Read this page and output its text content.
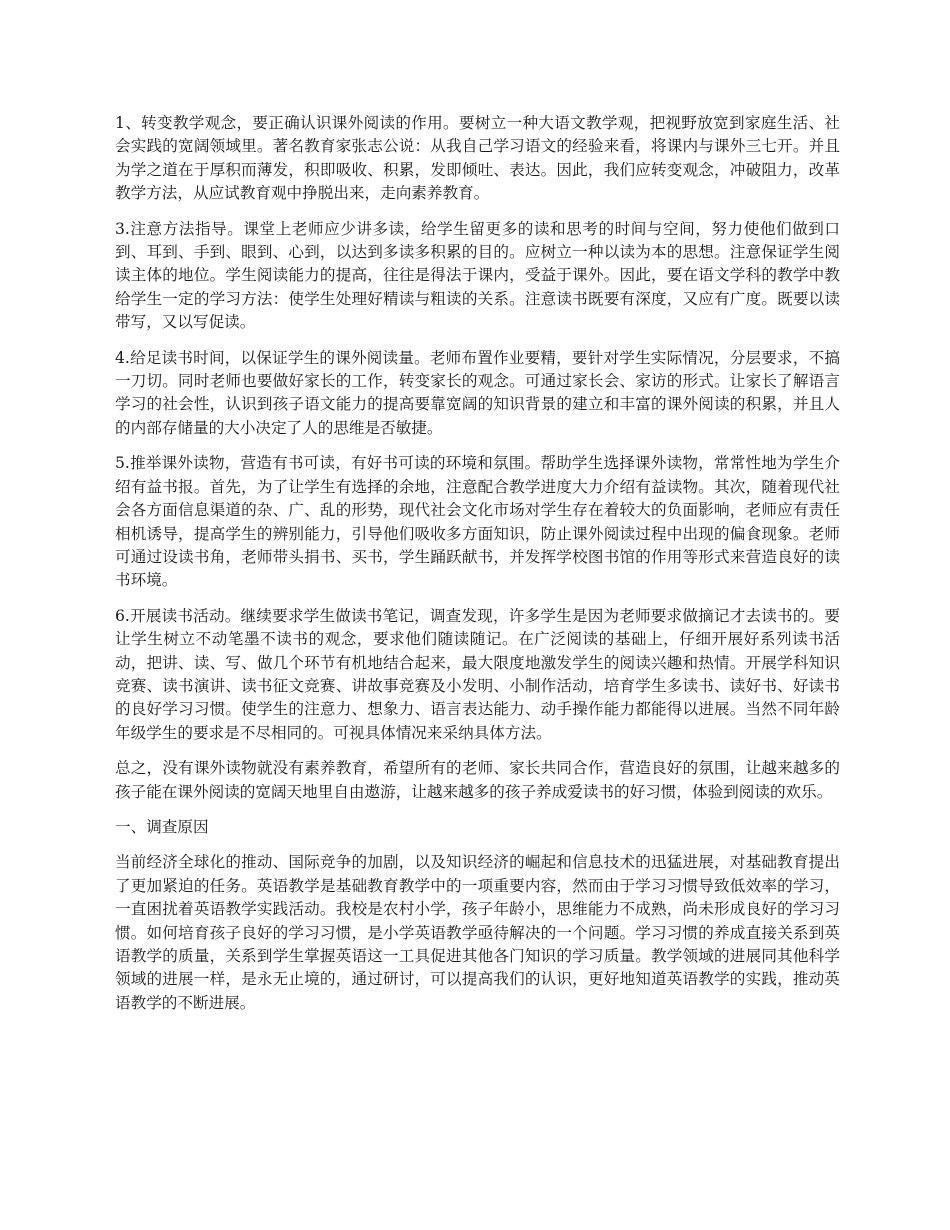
1、转变教学观念，要正确认识课外阅读的作用。要树立一种大语文教学观，把视野放宽到家庭生活、社会实践的宽阔领域里。著名教育家张志公说：从我自己学习语文的经验来看，将课内与课外三七开。并且为学之道在于厚积而薄发，积即吸收、积累，发即倾吐、表达。因此，我们应转变观念，冲破阻力，改革教学方法，从应试教育观中挣脱出来，走向素养教育。

3.注意方法指导。课堂上老师应少讲多读，给学生留更多的读和思考的时间与空间，努力使他们做到口到、耳到、手到、眼到、心到，以达到多读多积累的目的。应树立一种以读为本的思想。注意保证学生阅读主体的地位。学生阅读能力的提高，往往是得法于课内，受益于课外。因此，要在语文学科的教学中教给学生一定的学习方法：使学生处理好精读与粗读的关系。注意读书既要有深度，又应有广度。既要以读带写，又以写促读。

4.给足读书时间，以保证学生的课外阅读量。老师布置作业要精，要针对学生实际情况，分层要求，不搞一刀切。同时老师也要做好家长的工作，转变家长的观念。可通过家长会、家访的形式。让家长了解语言学习的社会性，认识到孩子语文能力的提高要靠宽阔的知识背景的建立和丰富的课外阅读的积累，并且人的内部存储量的大小决定了人的思维是否敏捷。

5.推举课外读物，营造有书可读，有好书可读的环境和氛围。帮助学生选择课外读物，常常性地为学生介绍有益书报。首先，为了让学生有选择的余地，注意配合教学进度大力介绍有益读物。其次，随着现代社会各方面信息渠道的杂、广、乱的形势，现代社会文化市场对学生存在着较大的负面影响，老师应有责任相机诱导，提高学生的辨别能力，引导他们吸收多方面知识，防止课外阅读过程中出现的偏食现象。老师可通过设读书角，老师带头捐书、买书，学生踊跃献书，并发挥学校图书馆的作用等形式来营造良好的读书环境。

6.开展读书活动。继续要求学生做读书笔记，调查发现，许多学生是因为老师要求做摘记才去读书的。要让学生树立不动笔墨不读书的观念，要求他们随读随记。在广泛阅读的基础上，仔细开展好系列读书活动，把讲、读、写、做几个环节有机地结合起来，最大限度地激发学生的阅读兴趣和热情。开展学科知识竞赛、读书演讲、读书征文竞赛、讲故事竞赛及小发明、小制作活动，培育学生多读书、读好书、好读书的良好学习习惯。使学生的注意力、想象力、语言表达能力、动手操作能力都能得以进展。当然不同年龄年级学生的要求是不尽相同的。可视具体情况来采纳具体方法。

总之，没有课外读物就没有素养教育，希望所有的老师、家长共同合作，营造良好的氛围，让越来越多的孩子能在课外阅读的宽阔天地里自由遨游，让越来越多的孩子养成爱读书的好习惯，体验到阅读的欢乐。

一、调查原因

当前经济全球化的推动、国际竞争的加剧，以及知识经济的崛起和信息技术的迅猛进展，对基础教育提出了更加紧迫的任务。英语教学是基础教育教学中的一项重要内容，然而由于学习习惯导致低效率的学习，一直困扰着英语教学实践活动。我校是农村小学，孩子年龄小，思维能力不成熟，尚未形成良好的学习习惯。如何培育孩子良好的学习习惯，是小学英语教学亟待解决的一个问题。学习习惯的养成直接关系到英语教学的质量，关系到学生掌握英语这一工具促进其他各门知识的学习质量。教学领域的进展同其他科学领域的进展一样，是永无止境的，通过研讨，可以提高我们的认识，更好地知道英语教学的实践，推动英语教学的不断进展。
